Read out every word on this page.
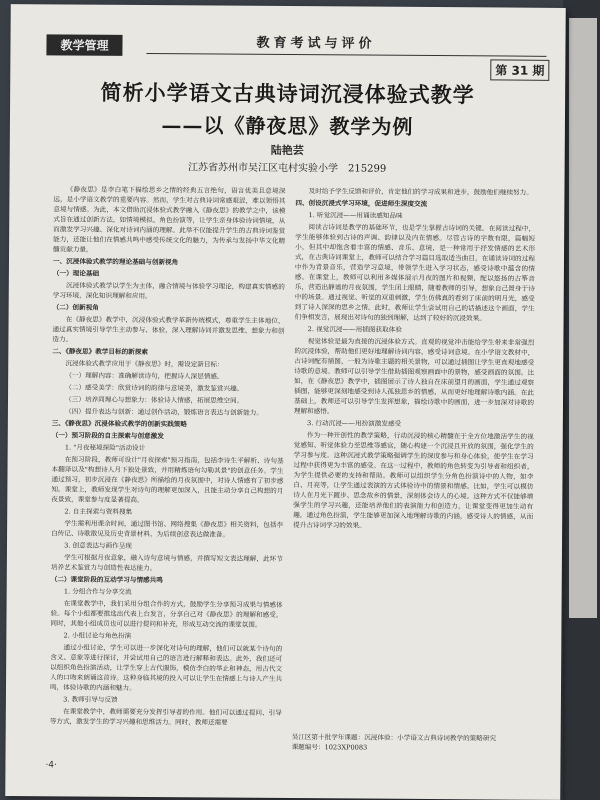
教学管理	教育考试与评价
第 31 期
简析小学语文古典诗词沉浸体验式教学
——以《静夜思》教学为例
陆艳芸
江苏省苏州市吴江区屯村实验小学　215299

《静夜思》是李白笔下描绘思乡之情的经典五言绝句，语言优美且意境深远，是小学语文教学的重要内容。然而，学生对古典诗词常感艰涩，难以领悟其意境与情感。为此，本文借助沉浸体验式教学融入《静夜思》的教学之中，该模式旨在通过创新方法，如情境模拟、角色扮演等，让学生亲身体验诗词情境，从而激发学习兴趣、深化对诗词内涵的理解。此举不仅能提升学生的古典诗词鉴赏能力，还能让他们在情感共鸣中感受传统文化的魅力，为传承与发扬中华文化精髓贡献力量。

一、沉浸体验式教学的理论基础与创新视角
（一）理论基础

沉浸体验式教学以学生为主体，融合情境与体验学习理论，构建真实情感的学习环境，深化知识理解和应用。

（二）创新视角

在《静夜思》教学中，沉浸体验式教学革新传统模式，尊重学生主体地位，通过真实情境引导学生主动参与、体验，深入理解诗词并激发思维、想象力和创造力。

二、《静夜思》教学目标的新探索

沉浸体验式教学应用于《静夜思》时，需设定新目标：

（一）理解内容：准确解读诗句，把握诗人深层情感。

（二）感受美学：欣赏诗词的韵律与意境美，激发鉴赏兴趣。

（三）培养同理心与想象力：体验诗人情感，拓展思维空间。

（四）提升表达与创新：通过创作活动，锻炼语言表达与创新能力。

三、《静夜思》沉浸体验式教学的创新实践策略
（一）预习阶段的自主探索与创意激发

1. "月夜秘境探险"活动设计

在预习阶段，教师可设计"月夜探索"预习指南，包括李诗生平解析、诗句基本翻译以及"构想诗人月下独处景致，并用精炼语句勾勒其景"的创意任务。学生通过预习，初步沉浸在《静夜思》所描绘的月夜氛围中，对诗人情感有了初步感知。课堂上，教师发现学生对诗句的理解更加深入，且能主动分享自己构想的月夜景致，课堂参与度显著提高。

2. 自主探索与资料搜集

学生需利用课余时间，通过图书馆、网络搜集《静夜思》相关资料，包括李白传记、诗歌散见及历史背景材料，为后续创意表达做准备。

3. 创意表达与画作呈现

学生可根据月夜意象，融入诗句意境与情感，并撰写短文表达理解，此环节培养艺术鉴赏力与创造性表达能力。

（二）课堂阶段的互动学习与情感共鸣

1. 分组合作与分享交流

在课堂教学中，我们采用分组合作的方式，鼓励学生分享预习成果与情感体验。每个小组都要推选出代表上台发言，分享自己对《静夜思》的理解和感受。同时，其他小组成员也可以进行提问和补充，形成互动交流的课堂氛围。

2. 小组讨论与角色扮演

通过小组讨论，学生可以进一步深化对诗句的理解，他们可以就某个诗句的含义、意象等进行探讨，并尝试用自己的语言进行解释和表达。此外，我们还可以组织角色扮演活动，让学生穿上古代服饰，模仿李白的举止和神态，用古代文人的口吻来朗诵这首诗。这种身临其境的投入可以让学生在情感上与诗人产生共鸣，体验诗歌的内涵和魅力。

3. 教师引导与反馈

在课堂教学中，教师需要充分发挥引导者的作用。他们可以通过提问、引导等方式，激发学生的学习兴趣和思维活力。同时，教师还需要

及时给予学生反馈和评价，肯定他们的学习成果和进步，鼓励他们继续努力。

四、创设沉浸式学习环境，促进师生深度交流

1. 听觉沉浸——用诵读感知品味

阅读古诗词是教学的基础环节，也是学生掌握古诗词的关键。在阅读过程中，学生能够体验到古诗的声调、韵律以及内在情感。尽管古诗的字数有限，篇幅短小，但其中却饱含着丰富的情感、音乐、意境，是一种常用于抒发情感的艺术形式，在古典诗词课堂上，教师可以结合学习篇目选取适当曲目，在诵读诗词的过程中作为背景音乐，营造学习意境，带领学生进入学习状态，感受诗歌中蕴含的情感。在课堂上，教师可以利用多媒体展示月夜的图片和视频，配以悠扬的古筝音乐，营造出静谧的月夜氛围，学生闭上眼睛，随着教师的引导，想象自己置身于诗中的场景。通过视觉、听觉的双重刺激，学生仿佛真的看到了床前的明月光，感受到了诗人深深的思乡之情。此时，教师让学生尝试用自己的话描述这个画面，学生们争相发言，展现出对诗句的独到理解，达到了较好的沉浸效果。

2. 视觉沉浸——用插图获取体验

视觉体验是最为直接的沉浸体验方式。直观的视觉冲击能给学生带来非常强烈的沉浸体验，帮助他们更好地理解诗词内容，感受诗词意境。在小学语文教材中，古诗词配有插图，一般为诗歌主题的相关景物，可以通过插图让学生更直观地感受诗歌的意境。教师可以引导学生借助插图观察画面中的景物，感受画面的氛围。比如，在《静夜思》教学中，插图展示了诗人独自在床前望月的画面，学生通过观察插图，能够更深刻地感受到诗人孤独思乡的情感，从而更好地理解诗歌内涵。在此基础上，教师还可以引导学生发挥想象，描绘诗歌中的画面，进一步加深对诗歌的理解和感悟。

3. 行动沉浸——用扮演激发感受

作为一种开创性的教学策略，行动沉浸的核心精髓在于全方位地激活学生的视觉感知、听觉体验力至思维等感官，随心构建一个沉浸且开放的氛围，强化学生的学习参与度。这种沉浸式教学策略强调学生的深度参与和身心体验，使学生在学习过程中获得更为丰富的感受。在这一过程中，教师的角色转变为引导者和组织者，为学生提供必要的支持和帮助。教师可以组织学生分角色扮演诗中的人物，如李白、月亮等，让学生通过表演的方式体验诗中的情景和情感。比如，学生可以模仿诗人在月光下踱步、思念故乡的情景，深刻体会诗人的心境。这种方式不仅能够增强学生的学习兴趣，还能培养他们的表演能力和创造力，让课堂变得更加生动有趣。通过角色扮演，学生能够更加深入地理解诗歌的内涵，感受诗人的情感，从而提升古诗词学习的效果。

吴江区第十批学年课题：沉浸体验：小学语文古典诗词教学的策略研究
课题编号：1023XP0083
·4·
